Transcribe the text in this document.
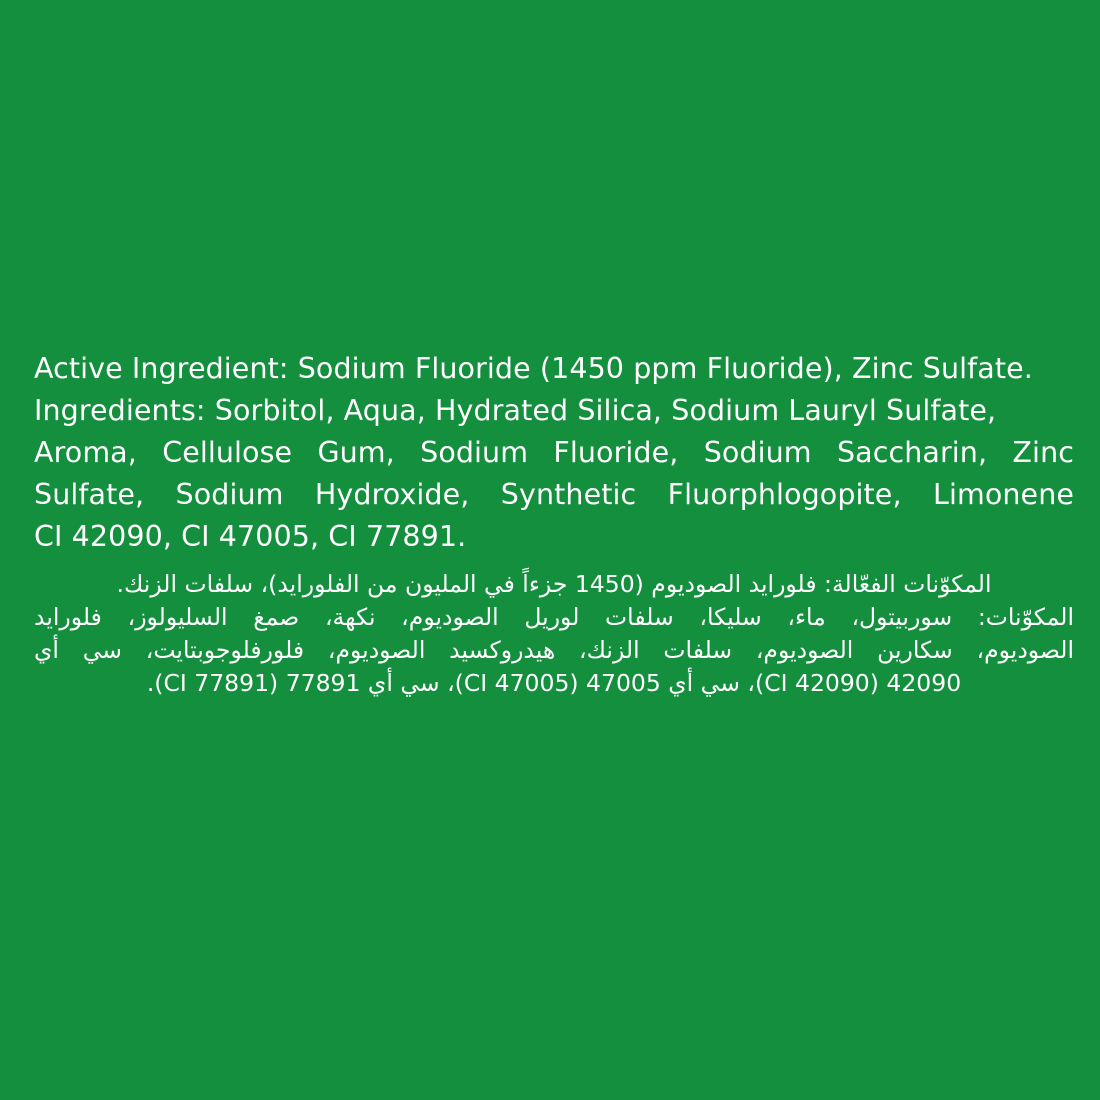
Active Ingredient: Sodium Fluoride (1450 ppm Fluoride), Zinc Sulfate.
Ingredients: Sorbitol, Aqua, Hydrated Silica, Sodium Lauryl Sulfate,
Aroma, Cellulose Gum, Sodium Fluoride, Sodium Saccharin, Zinc
Sulfate, Sodium Hydroxide, Synthetic Fluorphlogopite, Limonene
CI 42090, CI 47005, CI 77891.
المكوّنات الفعّالة: فلورايد الصوديوم (1450 جزءاً في المليون من الفلورايد)، سلفات الزنك.
المكوّنات: سوربيتول، ماء، سليكا، سلفات لوريل الصوديوم، نكهة، صمغ السليولوز، فلورايد
الصوديوم، سكارين الصوديوم، سلفات الزنك، هيدروكسيد الصوديوم، فلورفلوجوبتايت، سي أي
42090 (CI 42090)، سي أي 47005 (CI 47005)، سي أي 77891 (CI 77891).
